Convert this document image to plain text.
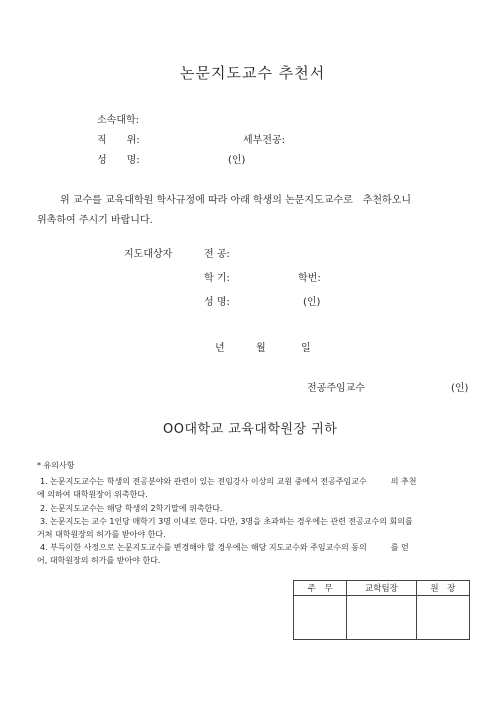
논문지도교수 추천서
소속대학:
직　　위:	세부전공:
성　　명:	(인)
위 교수를 교육대학원 학사규정에 따라 아래 학생의 논문지도교수로　추천하오니
위촉하여 주시기 바랍니다.
지도대상자	전 공:
학 기:	학번:
성 명:	(인)
년	월	일
전공주임교수	(인)
OO대학교 교육대학원장 귀하
* 유의사항
1. 논문지도교수는 학생의 전공분야와 관련이 있는 전임강사 이상의 교원 중에서 전공주임교수　　　의 추천
에 의하여 대학원장이 위촉한다.
2. 논문지도교수는 해당 학생의 2학기말에 위촉한다.
3. 논문지도는 교수 1인당 매학기 3명 이내로 한다. 다만, 3명을 초과하는 경우에는 관련 전공교수의 회의를
거쳐 대학원장의 허가를 받아야 한다.
4. 부득이한 사정으로 논문지도교수를 변경해야 할 경우에는 해당 지도교수와 주임교수의 동의　　　를 얻
어, 대학원장의 허가를 받아야 한다.
주　무	교학팀장	원　장
